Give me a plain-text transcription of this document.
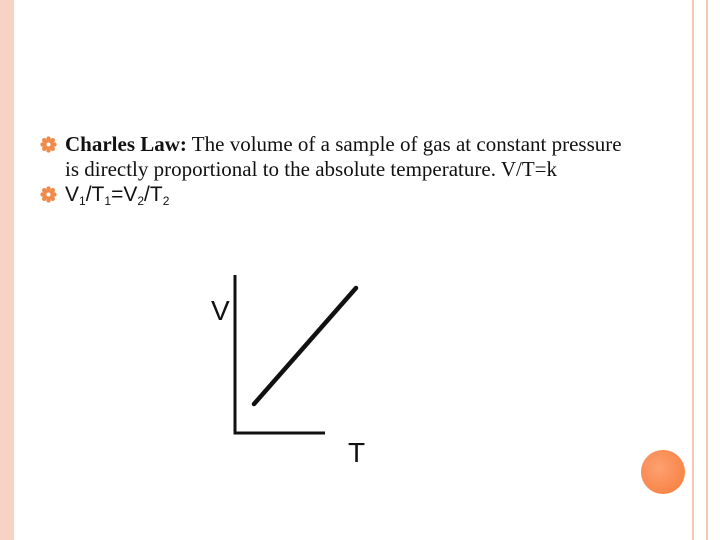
Charles Law: The volume of a sample of gas at constant pressure is directly proportional to the absolute temperature. V/T=k
$V_1/T_1=V_2/T_2$
V
T
